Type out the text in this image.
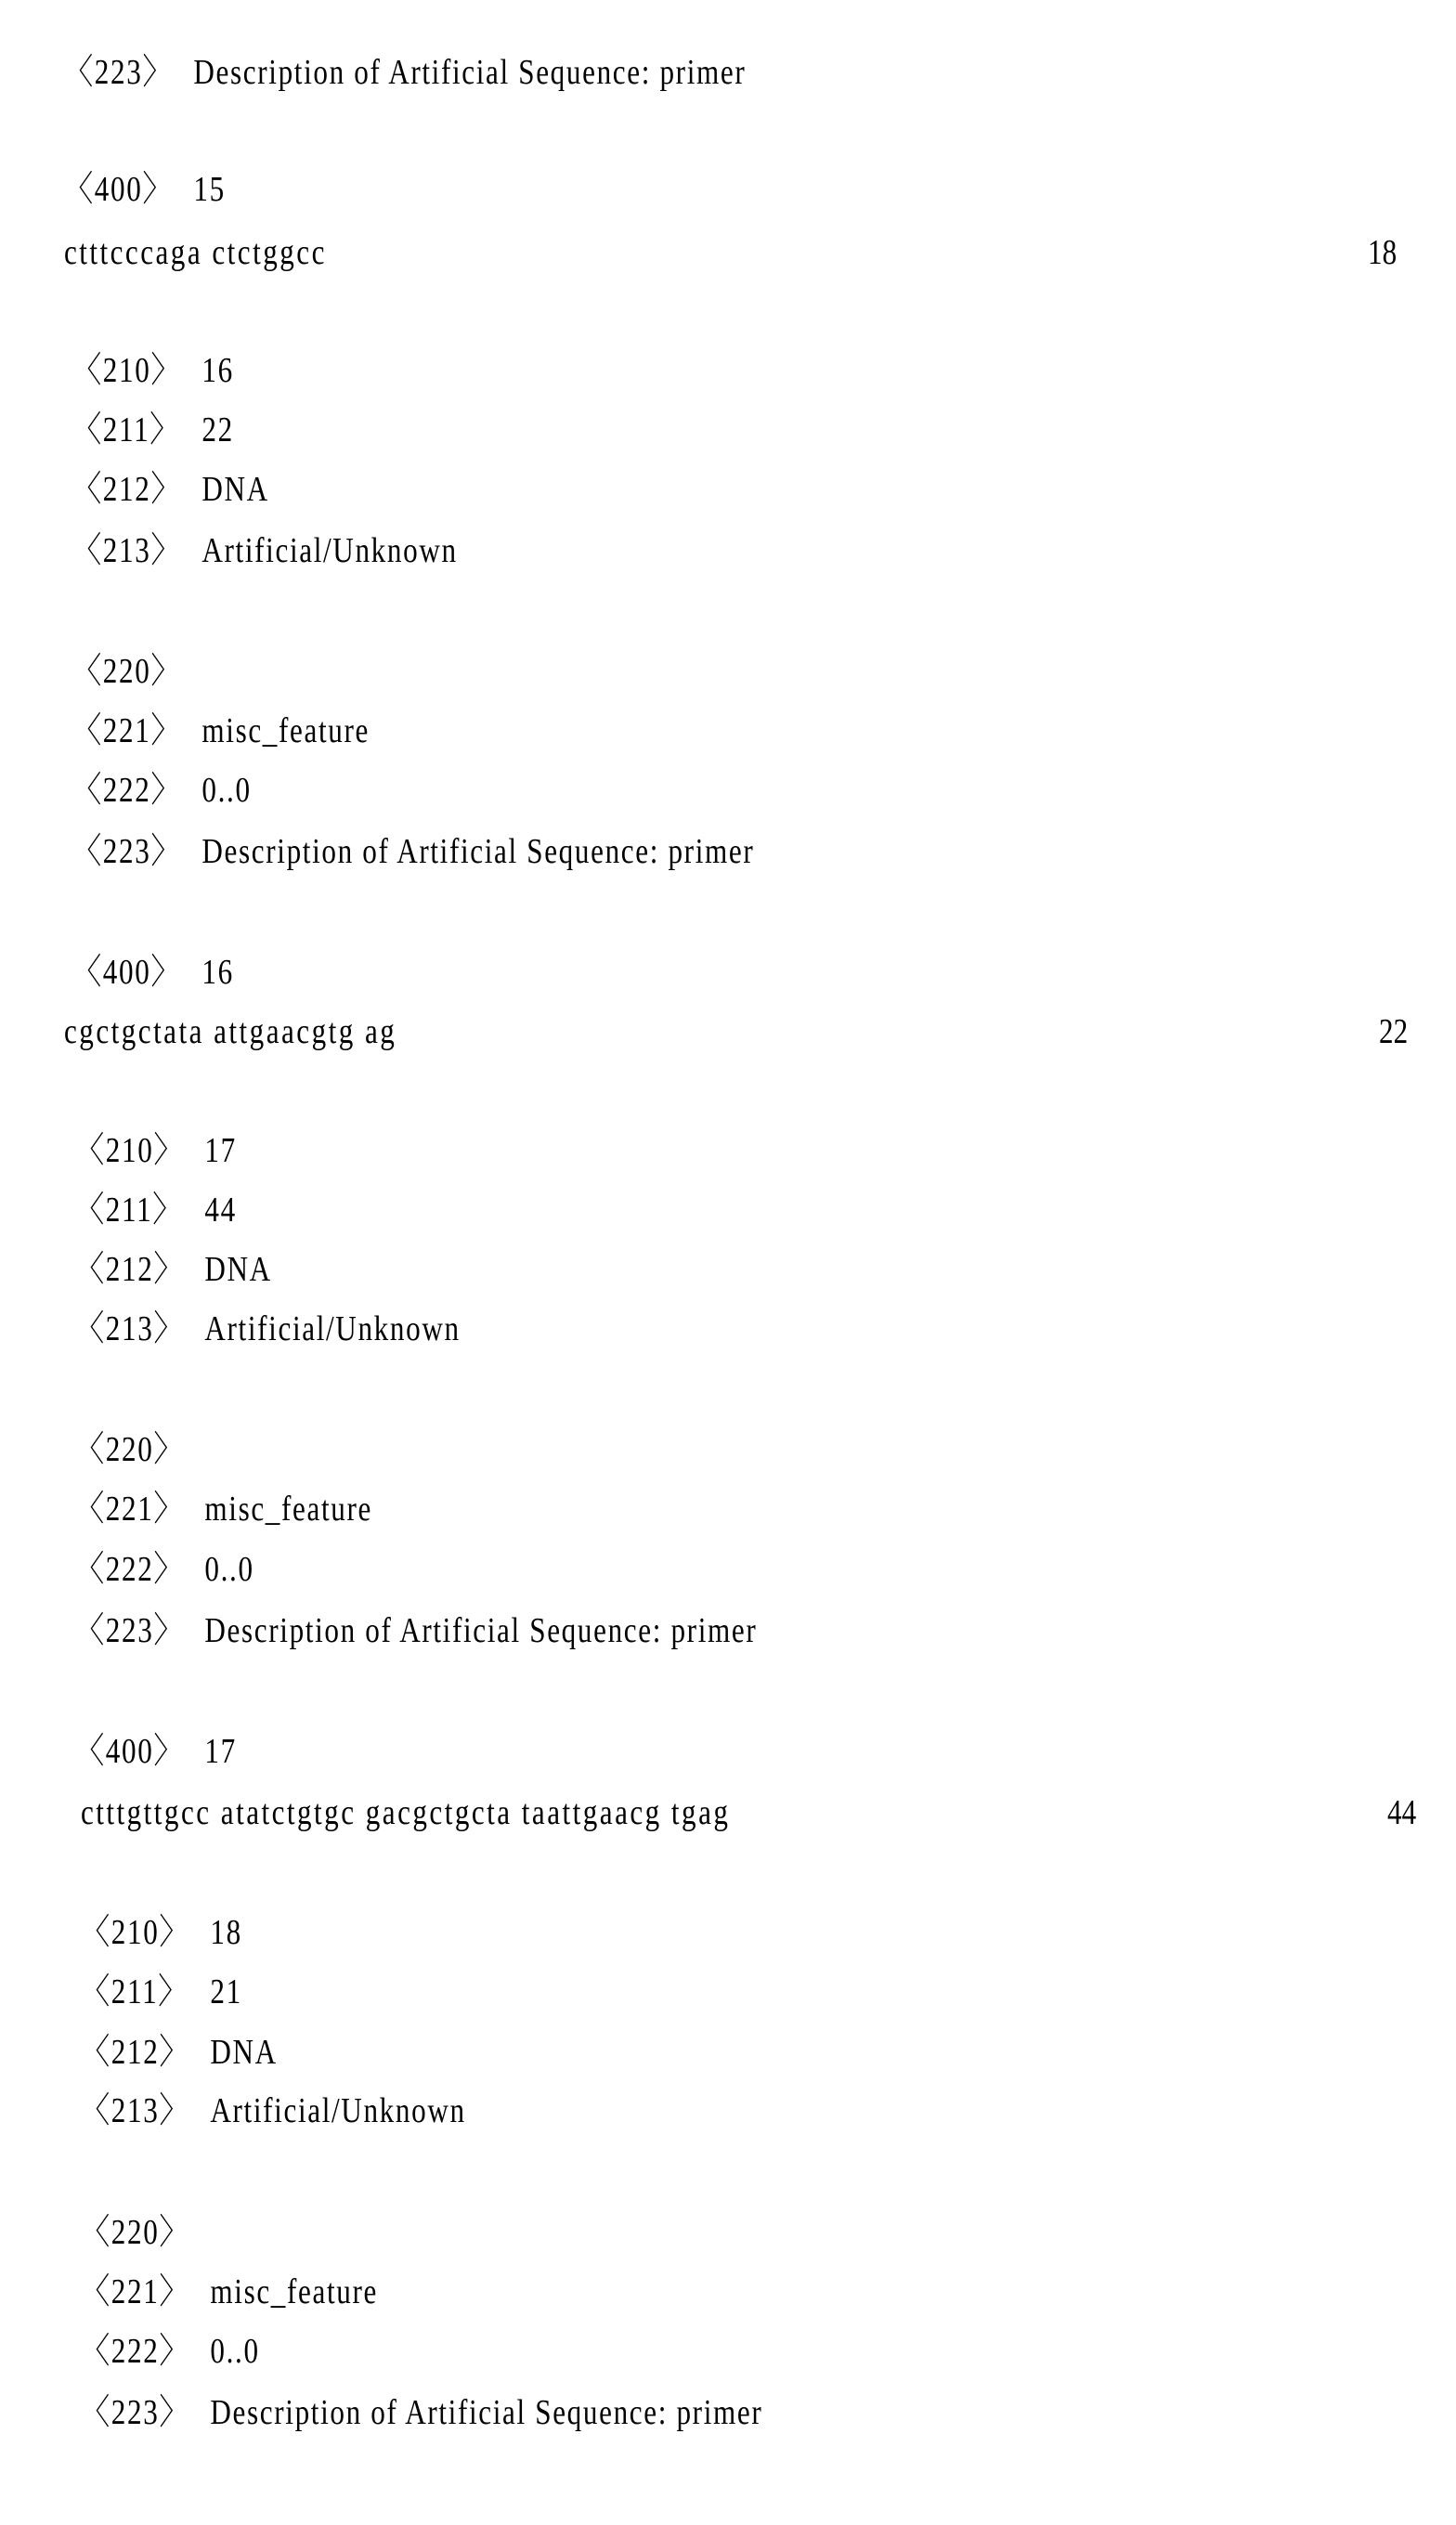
〈223〉 Description of Artificial Sequence: primer
〈400〉 15
18
ctttcccaga ctctggcc
〈210〉 16
〈211〉 22
〈212〉 DNA
〈213〉 Artificial/Unknown
〈220〉
〈221〉 misc_feature
〈222〉 0..0
〈223〉 Description of Artificial Sequence: primer
〈400〉 16
22
cgctgctata attgaacgtg ag
〈210〉 17
〈211〉 44
〈212〉 DNA
〈213〉 Artificial/Unknown
〈220〉
〈221〉 misc_feature
〈222〉 0..0
〈223〉 Description of Artificial Sequence: primer
〈400〉 17
44
ctttgttgcc atatctgtgc gacgctgcta taattgaacg tgag
〈210〉 18
〈211〉 21
〈212〉 DNA
〈213〉 Artificial/Unknown
〈220〉
〈221〉 misc_feature
〈222〉 0..0
〈223〉 Description of Artificial Sequence: primer
